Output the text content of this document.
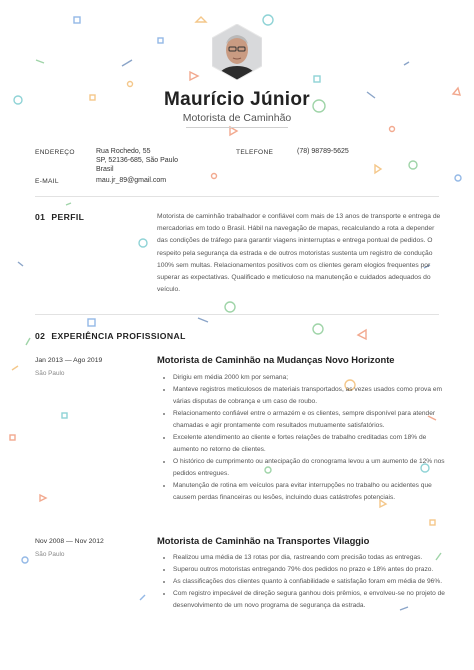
Maurício Júnior
Motorista de Caminhão
ENDEREÇO	Rua Rochedo, 55
SP, 52136-685, São Paulo
Brasil
TELEFONE	(78) 98789-5625
E-MAIL	mau.jr_89@gmail.com
01 PERFIL	Motorista de caminhão trabalhador e confiável com mais de 13 anos de transporte e entrega de mercadorias em todo o Brasil. Hábil na navegação de mapas, recalculando a rota a depender das condições de tráfego para garantir viagens ininterruptas e entrega pontual de pedidos. O respeito pela segurança da estrada e de outros motoristas sustenta um registro de condução 100% sem multas. Relacionamentos positivos com os clientes geram elogios frequentes por superar as expectativas. Qualificado e meticuloso na manutenção e cuidados adequados do veículo.
02 EXPERIÊNCIA PROFISSIONAL
Jan 2013 — Ago 2019
São Paulo
Motorista de Caminhão na Mudanças Novo Horizonte
• Dirigiu em média 2000 km por semana;
• Manteve registros meticulosos de materiais transportados, as vezes usados como prova em várias disputas de cobrança e um caso de roubo.
• Relacionamento confiável entre o armazém e os clientes, sempre disponível para atender chamadas e agir prontamente com resultados mutuamente satisfatórios.
• Excelente atendimento ao cliente e fortes relações de trabalho creditadas com 18% de aumento no retorno de clientes.
• O histórico de cumprimento ou antecipação do cronograma levou a um aumento de 12% nos pedidos entregues.
• Manutenção de rotina em veículos para evitar interrupções no trabalho ou acidentes que causem perdas financeiras ou lesões, incluindo duas catástrofes potenciais.
Nov 2008 — Nov 2012
São Paulo
Motorista de Caminhão na Transportes Vilaggio
• Realizou uma média de 13 rotas por dia, rastreando com precisão todas as entregas.
• Superou outros motoristas entregando 79% dos pedidos no prazo e 18% antes do prazo.
• As classificações dos clientes quanto à confiabilidade e satisfação foram em média de 96%.
• Com registro impecável de direção segura ganhou dois prêmios, e envolveu-se no projeto de desenvolvimento de um novo programa de segurança da estrada.
